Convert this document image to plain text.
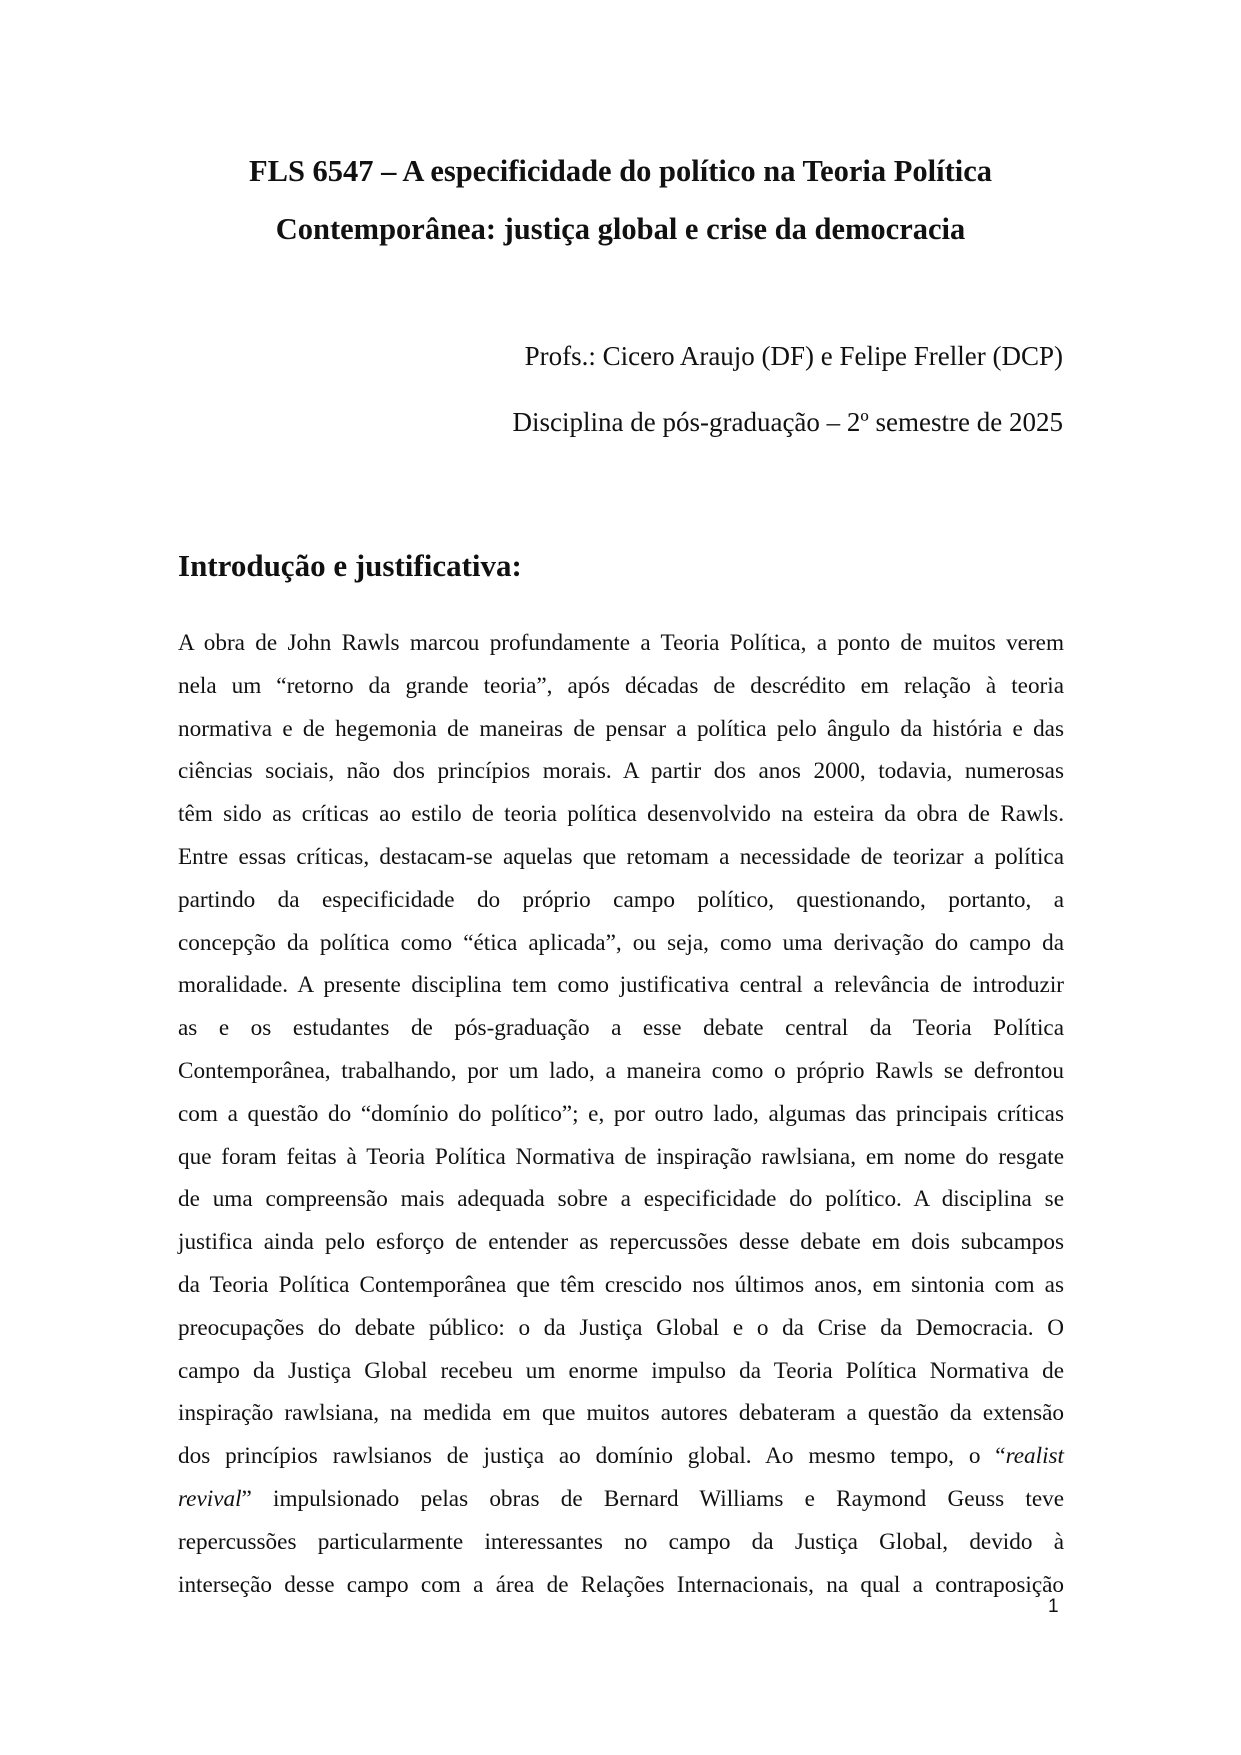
FLS 6547 – A especificidade do político na Teoria Política
Contemporânea: justiça global e crise da democracia
Profs.: Cicero Araujo (DF) e Felipe Freller (DCP)
Disciplina de pós-graduação – 2º semestre de 2025
Introdução e justificativa:
A obra de John Rawls marcou profundamente a Teoria Política, a ponto de muitos verem
nela um “retorno da grande teoria”, após décadas de descrédito em relação à teoria
normativa e de hegemonia de maneiras de pensar a política pelo ângulo da história e das
ciências sociais, não dos princípios morais. A partir dos anos 2000, todavia, numerosas
têm sido as críticas ao estilo de teoria política desenvolvido na esteira da obra de Rawls.
Entre essas críticas, destacam-se aquelas que retomam a necessidade de teorizar a política
partindo da especificidade do próprio campo político, questionando, portanto, a
concepção da política como “ética aplicada”, ou seja, como uma derivação do campo da
moralidade. A presente disciplina tem como justificativa central a relevância de introduzir
as e os estudantes de pós-graduação a esse debate central da Teoria Política
Contemporânea, trabalhando, por um lado, a maneira como o próprio Rawls se defrontou
com a questão do “domínio do político”; e, por outro lado, algumas das principais críticas
que foram feitas à Teoria Política Normativa de inspiração rawlsiana, em nome do resgate
de uma compreensão mais adequada sobre a especificidade do político. A disciplina se
justifica ainda pelo esforço de entender as repercussões desse debate em dois subcampos
da Teoria Política Contemporânea que têm crescido nos últimos anos, em sintonia com as
preocupações do debate público: o da Justiça Global e o da Crise da Democracia. O
campo da Justiça Global recebeu um enorme impulso da Teoria Política Normativa de
inspiração rawlsiana, na medida em que muitos autores debateram a questão da extensão
dos princípios rawlsianos de justiça ao domínio global. Ao mesmo tempo, o “realist
revival” impulsionado pelas obras de Bernard Williams e Raymond Geuss teve
repercussões particularmente interessantes no campo da Justiça Global, devido à
interseção desse campo com a área de Relações Internacionais, na qual a contraposição
1
